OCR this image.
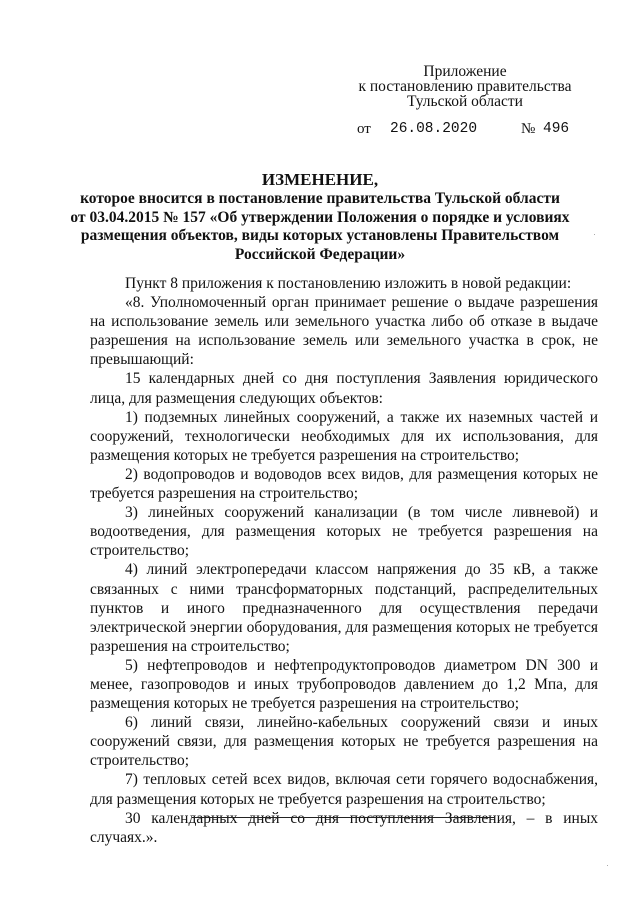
Приложение
к постановлению правительства
Тульской области
от 26.08.2020	№ 496
ИЗМЕНЕНИЕ,
которое вносится в постановление правительства Тульской области
от 03.04.2015 № 157 «Об утверждении Положения о порядке и условиях
размещения объектов, виды которых установлены Правительством
Российской Федерации»

Пункт 8 приложения к постановлению изложить в новой редакции:

«8. Уполномоченный орган принимает решение о выдаче разрешения на использование земель или земельного участка либо об отказе в выдаче разрешения на использование земель или земельного участка в срок, не превышающий:

15 календарных дней со дня поступления Заявления юридического лица, для размещения следующих объектов:

1) подземных линейных сооружений, а также их наземных частей и сооружений, технологически необходимых для их использования, для размещения которых не требуется разрешения на строительство;

2) водопроводов и водоводов всех видов, для размещения которых не требуется разрешения на строительство;

3) линейных сооружений канализации (в том числе ливневой) и водоотведения, для размещения которых не требуется разрешения на строительство;

4) линий электропередачи классом напряжения до 35 кВ, а также связанных с ними трансформаторных подстанций, распределительных пунктов и иного предназначенного для осуществления передачи электрической энергии оборудования, для размещения которых не требуется разрешения на строительство;

5) нефтепроводов и нефтепродуктопроводов диаметром DN 300 и менее, газопроводов и иных трубопроводов давлением до 1,2 Мпа, для размещения которых не требуется разрешения на строительство;

6) линий связи, линейно-кабельных сооружений связи и иных сооружений связи, для размещения которых не требуется разрешения на строительство;

7) тепловых сетей всех видов, включая сети горячего водоснабжения, для размещения которых не требуется разрешения на строительство;

30 календарных дней со дня поступления Заявления, – в иных случаях.».
